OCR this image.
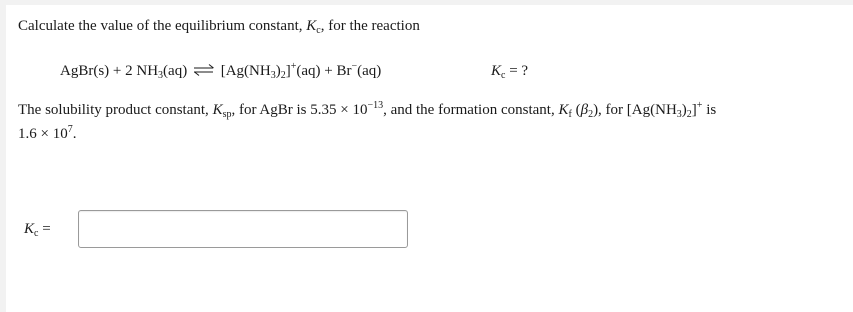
Calculate the value of the equilibrium constant, $K_c$, for the reaction
AgBr(s) + 2 $NH_3(aq)$ ⇌ $[Ag(NH_3)_2]^+(aq) + Br^-(aq)$	$K_c$ = ?
The solubility product constant, $K_{sp}$, for AgBr is $5.35 \times 10^{-13}$, and the formation constant, $K_f$ $(\beta_2)$, for $[Ag(NH_3)_2]^+$ is
$1.6 \times 10^7$.
$K_c$ =
